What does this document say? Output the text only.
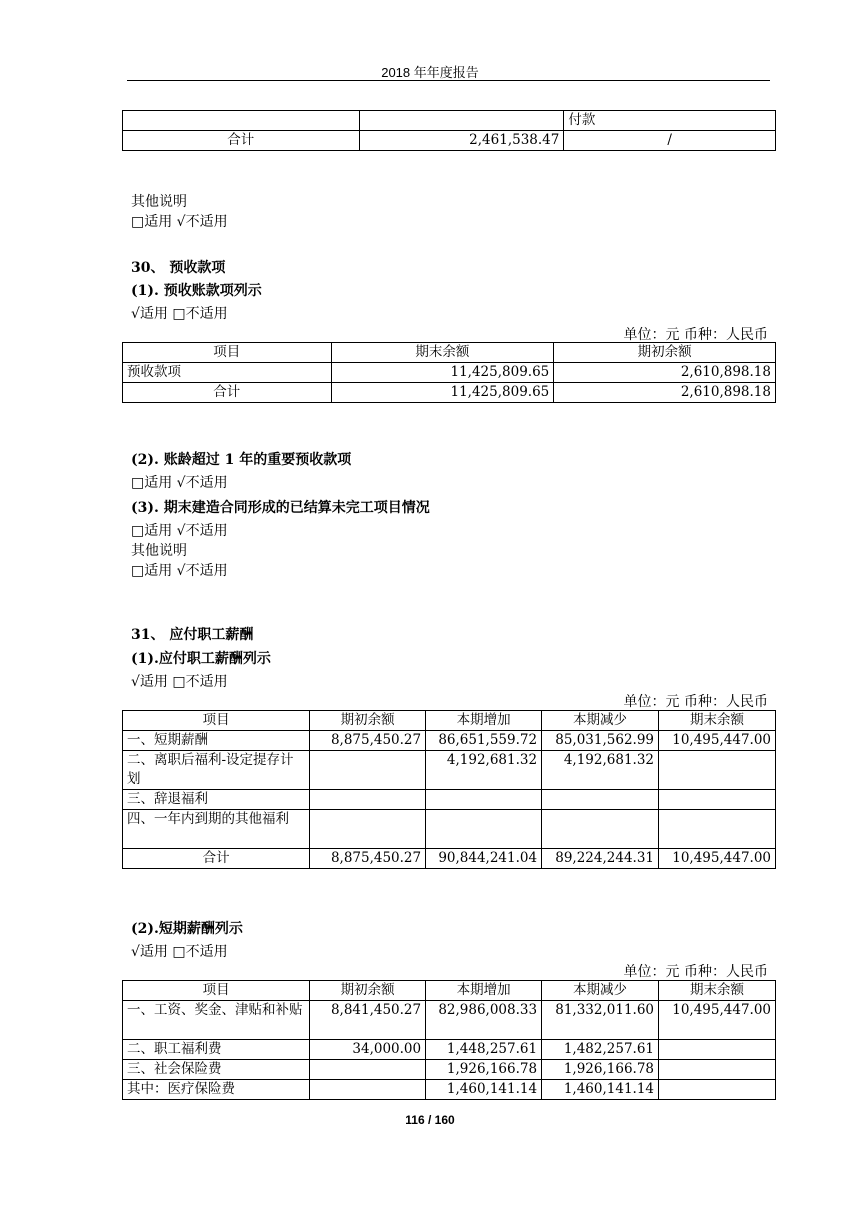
2018 年年度报告
		付款
合计	2,461,538.47	/
其他说明
□适用 √不适用
30、 预收款项
(1). 预收账款项列示
√适用 □不适用
单位：元 币种：人民币
项目	期末余额	期初余额
预收款项	11,425,809.65	2,610,898.18
合计	11,425,809.65	2,610,898.18
(2). 账龄超过 1 年的重要预收款项
□适用 √不适用
(3). 期末建造合同形成的已结算未完工项目情况
□适用 √不适用
其他说明
□适用 √不适用
31、 应付职工薪酬
(1).应付职工薪酬列示
√适用 □不适用
单位：元 币种：人民币
项目	期初余额	本期增加	本期减少	期末余额
一、短期薪酬	8,875,450.27	86,651,559.72	85,031,562.99	10,495,447.00
二、离职后福利-设定提存计划		4,192,681.32	4,192,681.32	
三、辞退福利				
四、一年内到期的其他福利				
合计	8,875,450.27	90,844,241.04	89,224,244.31	10,495,447.00
(2).短期薪酬列示
√适用 □不适用
单位：元 币种：人民币
项目	期初余额	本期增加	本期减少	期末余额
一、工资、奖金、津贴和补贴	8,841,450.27	82,986,008.33	81,332,011.60	10,495,447.00
二、职工福利费	34,000.00	1,448,257.61	1,482,257.61	
三、社会保险费		1,926,166.78	1,926,166.78	
其中：医疗保险费		1,460,141.14	1,460,141.14	
116 / 160
